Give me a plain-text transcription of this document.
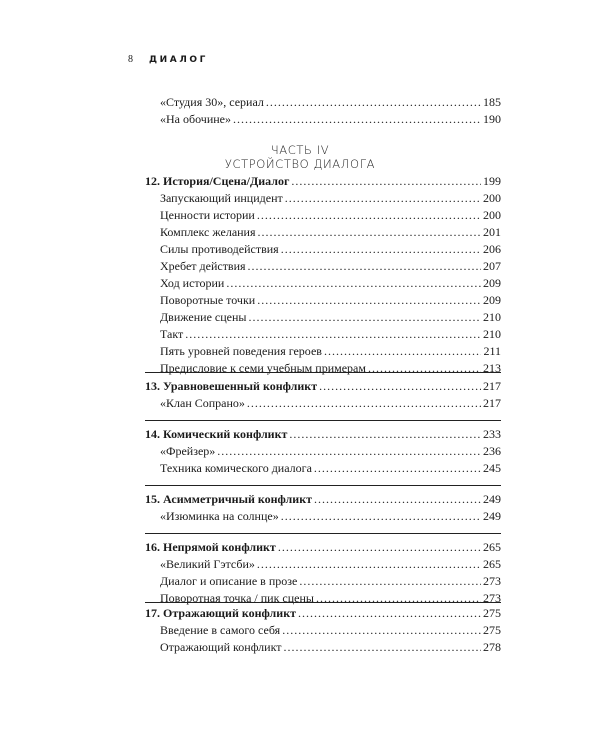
8 ДИАЛОГ
«Студия 30», сериал .....	185
«На обочине» .....	190
ЧАСТЬ IV
УСТРОЙСТВО ДИАЛОГА
12. История/Сцена/Диалог .....	199
Запускающий инцидент .....	200
Ценности истории .....	200
Комплекс желания .....	201
Силы противодействия .....	206
Хребет действия .....	207
Ход истории .....	209
Поворотные точки .....	209
Движение сцены .....	210
Такт .....	210
Пять уровней поведения героев .....	211
Предисловие к семи учебным примерам .....	213
13. Уравновешенный конфликт .....	217
«Клан Сопрано» .....	217
14. Комический конфликт .....	233
«Фрейзер» .....	236
Техника комического диалога .....	245
15. Асимметричный конфликт .....	249
«Изюминка на солнце» .....	249
16. Непрямой конфликт .....	265
«Великий Гэтсби» .....	265
Диалог и описание в прозе .....	273
Поворотная точка / пик сцены .....	273
17. Отражающий конфликт .....	275
Введение в самого себя .....	275
Отражающий конфликт .....	278
